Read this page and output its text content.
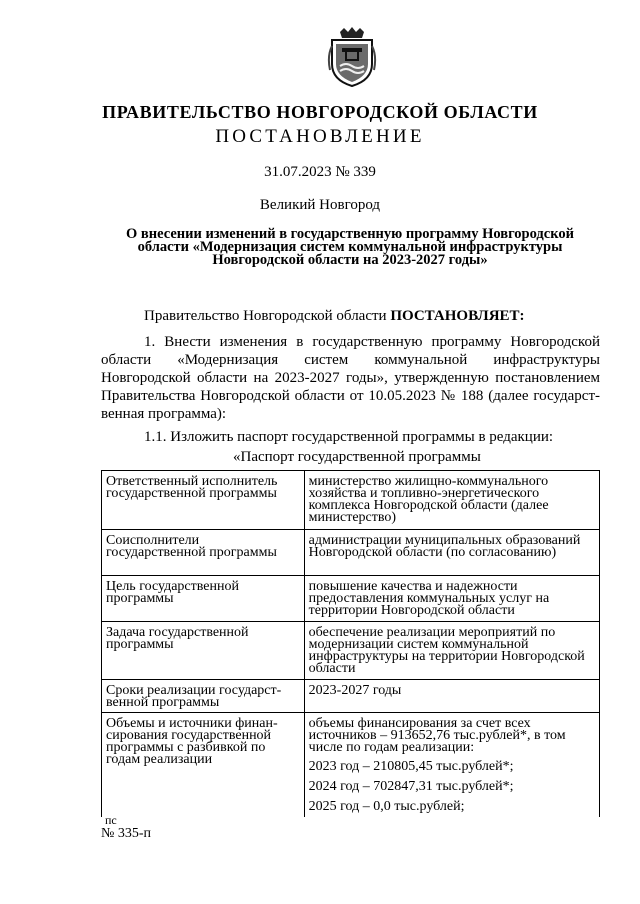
ПРАВИТЕЛЬСТВО НОВГОРОДСКОЙ ОБЛАСТИ
ПОСТАНОВЛЕНИЕ
31.07.2023 № 339
Великий Новгород
О внесении изменений в государственную программу Новгородской
области «Модернизация систем коммунальной инфраструктуры
Новгородской области на 2023-2027 годы»
Правительство Новгородской области ПОСТАНОВЛЯЕТ:
1. Внести изменения в государственную программу Новгородской
области «Модернизация систем коммунальной инфраструктуры
Новгородской области на 2023-2027 годы», утвержденную постановлением
Правительства Новгородской области от 10.05.2023 № 188 (далее государст-
венная программа):
1.1. Изложить паспорт государственной программы в редакции:
«Паспорт государственной программы
Ответственный исполнитель государственной программы	министерство жилищно-коммунального хозяйства и топливно-энергетического комплекса Новгородской области (далее министерство)
Соисполнители государственной программы	администрации муниципальных образований Новгородской области (по согласованию)
Цель государственной программы	повышение качества и надежности предоставления коммунальных услуг на территории Новгородской области
Задача государственной программы	обеспечение реализации мероприятий по модернизации систем коммунальной инфраструктуры на территории Новгородской области
Сроки реализации государст-венной программы	2023-2027 годы
Объемы и источники финан-сирования государственной программы с разбивкой по годам реализации	объемы финансирования за счет всех источников – 913652,76 тыс.рублей*, в том числе по годам реализации:
2023 год – 210805,45 тыс.рублей*;
2024 год – 702847,31 тыс.рублей*;
2025 год – 0,0 тыс.рублей;
пс
№ 335-п
